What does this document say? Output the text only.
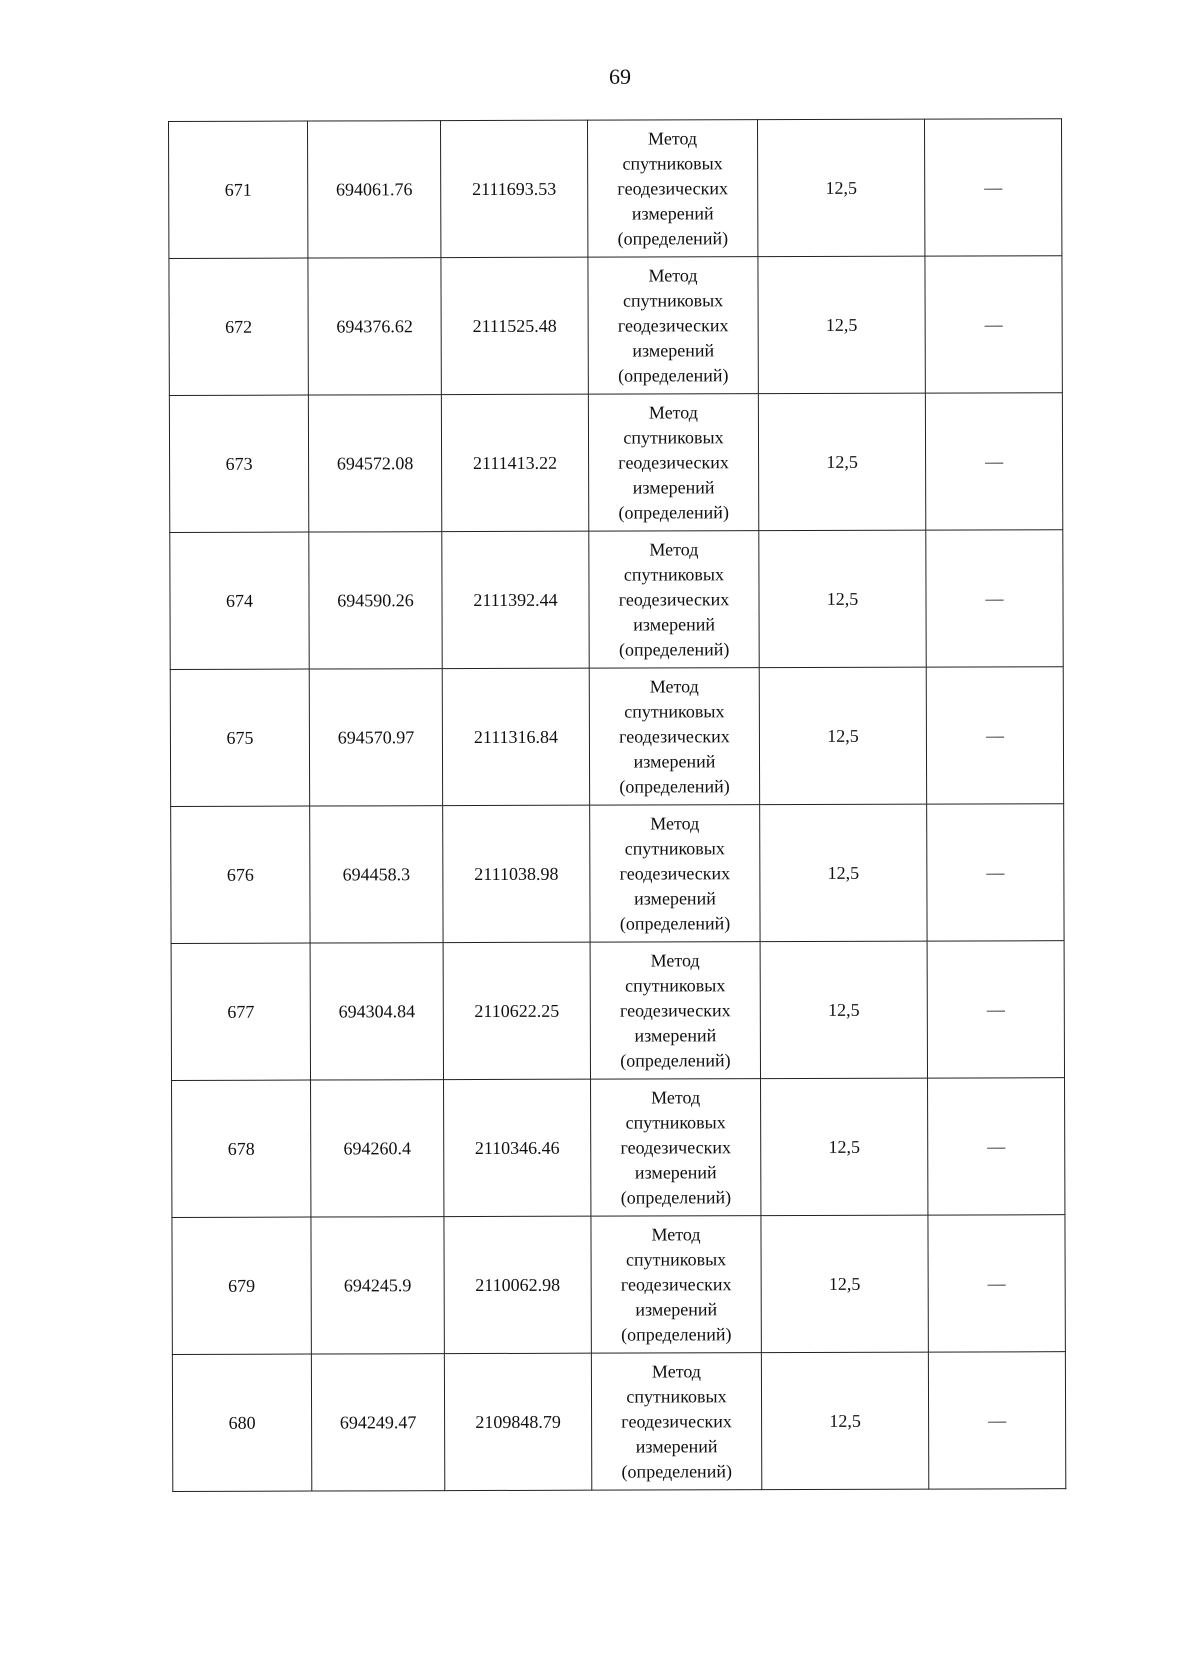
69
671	694061.76	2111693.53	Метод
спутниковых
геодезических
измерений
(определений)	12,5	—
672	694376.62	2111525.48	Метод
спутниковых
геодезических
измерений
(определений)	12,5	—
673	694572.08	2111413.22	Метод
спутниковых
геодезических
измерений
(определений)	12,5	—
674	694590.26	2111392.44	Метод
спутниковых
геодезических
измерений
(определений)	12,5	—
675	694570.97	2111316.84	Метод
спутниковых
геодезических
измерений
(определений)	12,5	—
676	694458.3	2111038.98	Метод
спутниковых
геодезических
измерений
(определений)	12,5	—
677	694304.84	2110622.25	Метод
спутниковых
геодезических
измерений
(определений)	12,5	—
678	694260.4	2110346.46	Метод
спутниковых
геодезических
измерений
(определений)	12,5	—
679	694245.9	2110062.98	Метод
спутниковых
геодезических
измерений
(определений)	12,5	—
680	694249.47	2109848.79	Метод
спутниковых
геодезических
измерений
(определений)	12,5	—
